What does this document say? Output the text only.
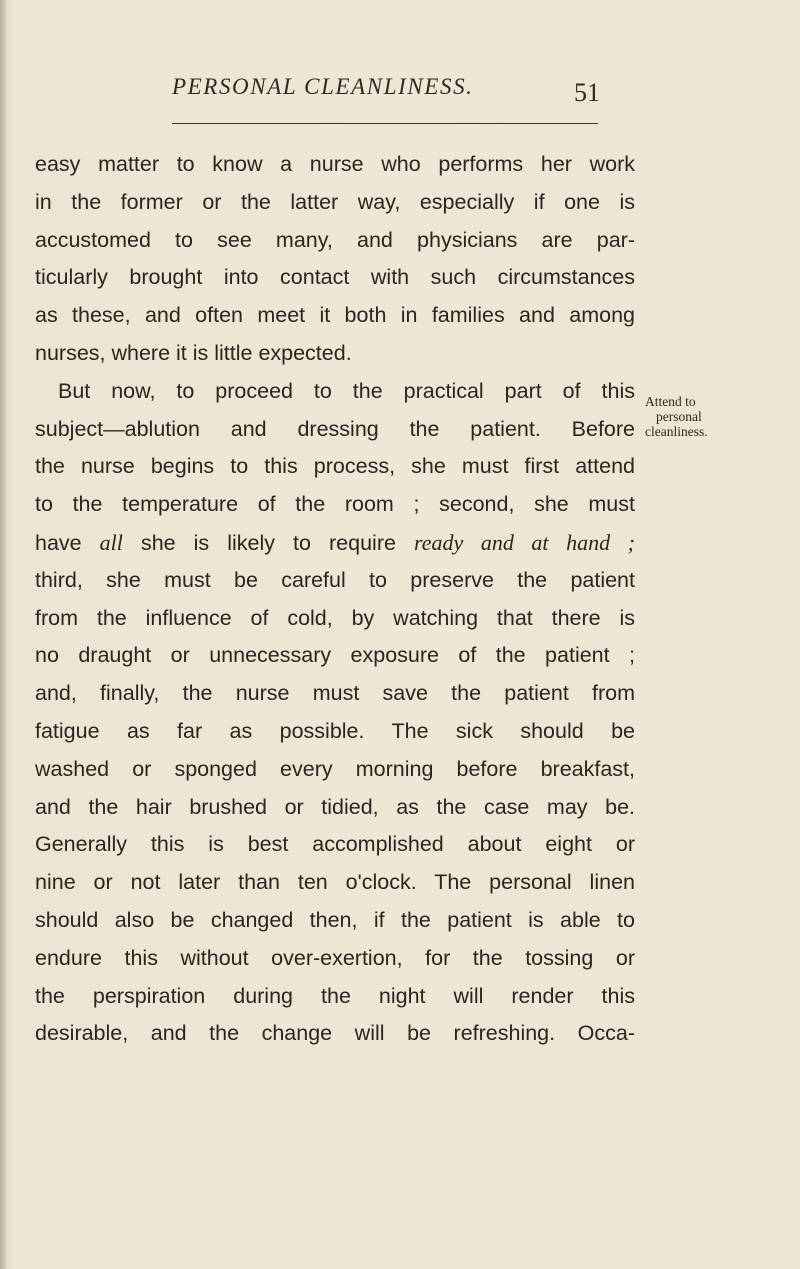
PERSONAL CLEANLINESS.	51
easy matter to know a nurse who performs her work
in the former or the latter way, especially if one is
accustomed to see many, and physicians are par-
ticularly brought into contact with such circumstances
as these, and often meet it both in families and among
nurses, where it is little expected.
But now, to proceed to the practical part of this
subject—ablution and dressing the patient. Before
the nurse begins to this process, she must first attend
to the temperature of the room ; second, she must
have all she is likely to require ready and at hand ;
third, she must be careful to preserve the patient
from the influence of cold, by watching that there is
no draught or unnecessary exposure of the patient ;
and, finally, the nurse must save the patient from
fatigue as far as possible. The sick should be
washed or sponged every morning before breakfast,
and the hair brushed or tidied, as the case may be.
Generally this is best accomplished about eight or
nine or not later than ten o'clock. The personal linen
should also be changed then, if the patient is able to
endure this without over-exertion, for the tossing or
the perspiration during the night will render this
desirable, and the change will be refreshing. Occa-
Attend to
personal
cleanliness.
